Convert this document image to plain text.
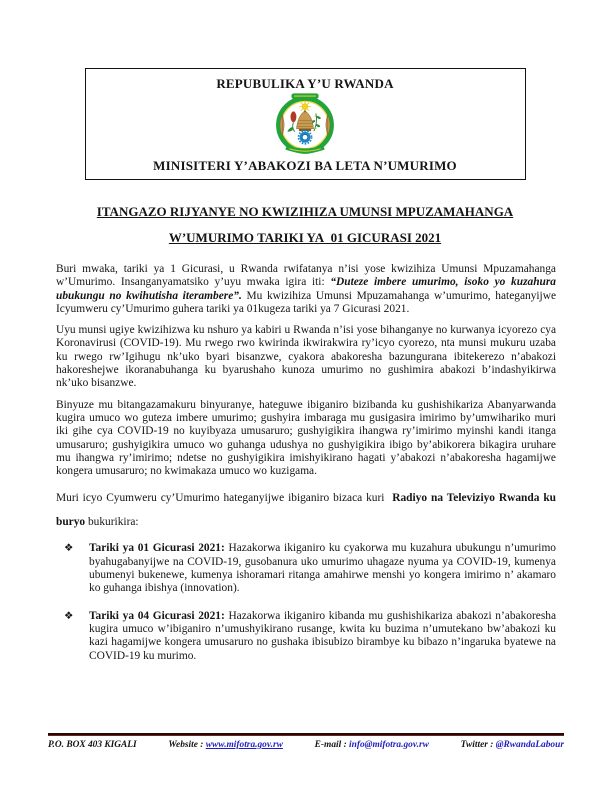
REPUBULIKA Y’U RWANDA
MINISITERI Y’ABAKOZI BA LETA N’UMURIMO
ITANGAZO RIJYANYE NO KWIZIHIZA UMUNSI MPUZAMAHANGA
W’UMURIMO TARIKI YA  01 GICURASI 2021

Buri mwaka, tariki ya 1 Gicurasi, u Rwanda rwifatanya n’isi yose kwizihiza Umunsi Mpuzamahanga w’Umurimo. Insanganyamatsiko y’uyu mwaka igira iti: “Duteze imbere umurimo, isoko yo kuzahura ubukungu no kwihutisha iterambere”. Mu kwizihiza Umunsi Mpuzamahanga w’umurimo, hateganyijwe Icyumweru cy’Umurimo guhera tariki ya 01kugeza tariki ya 7 Gicurasi 2021.

Uyu munsi ugiye kwizihizwa ku nshuro ya kabiri u Rwanda n’isi yose bihanganye no kurwanya icyorezo cya Koronavirusi (COVID-19). Mu rwego rwo kwirinda ikwirakwira ry’icyo cyorezo, nta munsi mukuru uzaba ku rwego rw’Igihugu nk’uko byari bisanzwe, cyakora abakoresha bazungurana ibitekerezo n’abakozi hakoreshejwe ikoranabuhanga ku byarushaho kunoza umurimo no gushimira abakozi b’indashyikirwa nk’uko bisanzwe.

Binyuze mu bitangazamakuru binyuranye, hateguwe ibiganiro bizibanda ku gushishikariza Abanyarwanda kugira umuco wo guteza imbere umurimo; gushyira imbaraga mu gusigasira imirimo by’umwihariko muri iki gihe cya COVID-19 no kuyibyaza umusaruro; gushyigikira ihangwa ry’imirimo myinshi kandi itanga umusaruro; gushyigikira umuco wo guhanga udushya no gushyigikira ibigo by’abikorera bikagira uruhare mu ihangwa ry’imirimo; ndetse no gushyigikira imishyikirano hagati y’abakozi n’abakoresha hagamijwe kongera umusaruro; no kwimakaza umuco wo kuzigama.

Muri icyo Cyumweru cy’Umurimo hateganyijwe ibiganiro bizaca kuri  Radiyo na Televiziyo Rwanda ku buryo bukurikira:

❖ Tariki ya 01 Gicurasi 2021: Hazakorwa ikiganiro ku cyakorwa mu kuzahura ubukungu n’umurimo byahugabanyijwe na COVID-19, gusobanura uko umurimo uhagaze nyuma ya COVID-19, kumenya ubumenyi bukenewe, kumenya ishoramari ritanga amahirwe menshi yo kongera imirimo n’ akamaro ko guhanga ibishya (innovation).
❖ Tariki ya 04 Gicurasi 2021: Hazakorwa ikiganiro kibanda mu gushishikariza abakozi n’abakoresha kugira umuco w’ibiganiro n’umushyikirano rusange, kwita ku buzima n’umutekano bw’abakozi ku kazi hagamijwe kongera umusaruro no gushaka ibisubizo birambye ku bibazo n’ingaruka byatewe na COVID-19 ku murimo.
P.O. BOX 403 KIGALI	Website : www.mifotra.gov.rw	E-mail : info@mifotra.gov.rw	Twitter : @RwandaLabour
